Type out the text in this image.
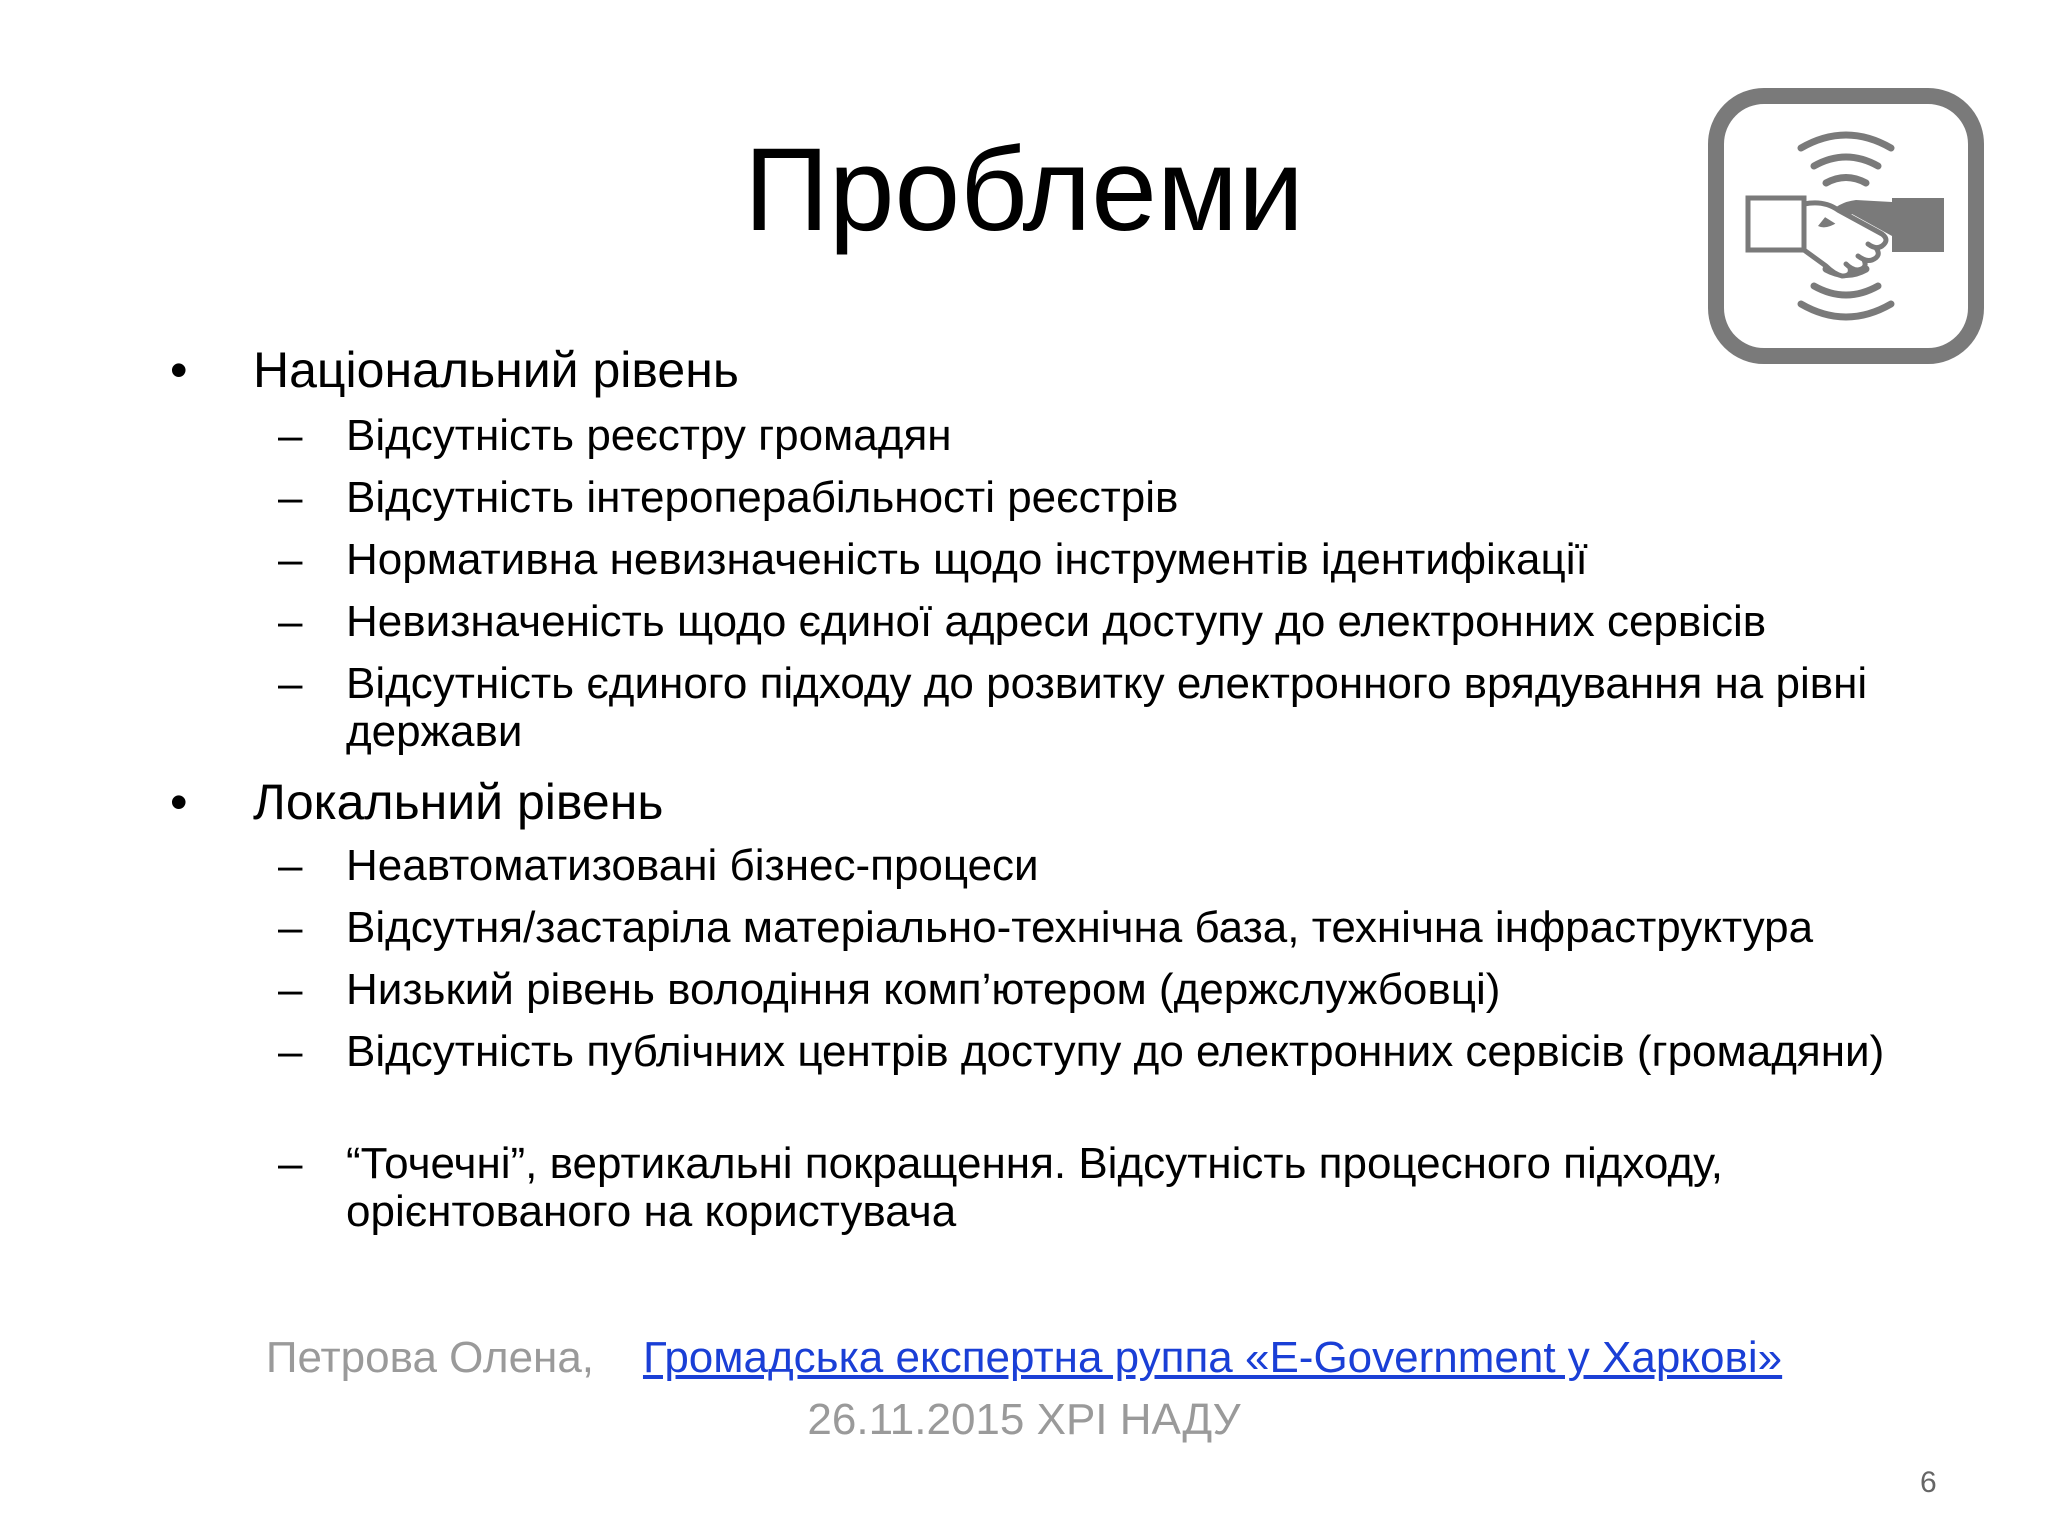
Проблеми
•	Національний рівень
– Відсутність реєстру громадян
– Відсутність інтероперабільності реєстрів
– Нормативна невизначеність щодо інструментів ідентифікації
– Невизначеність щодо єдиної адреси доступу до електронних сервісів
– Відсутність єдиного підходу до розвитку електронного врядування на рівні держави
•	Локальний рівень
– Неавтоматизовані бізнес-процеси
– Відсутня/застаріла матеріально-технічна база, технічна інфраструктура
– Низький рівень володіння комп’ютером (держслужбовці)
– Відсутність публічних центрів доступу до електронних сервісів (громадяни)
– “Точечні”, вертикальні покращення. Відсутність процесного підходу, орієнтованого на користувача
Петрова Олена, Громадська експертна руппа «E-Government у Харкові»
26.11.2015 ХРІ НАДУ
6
